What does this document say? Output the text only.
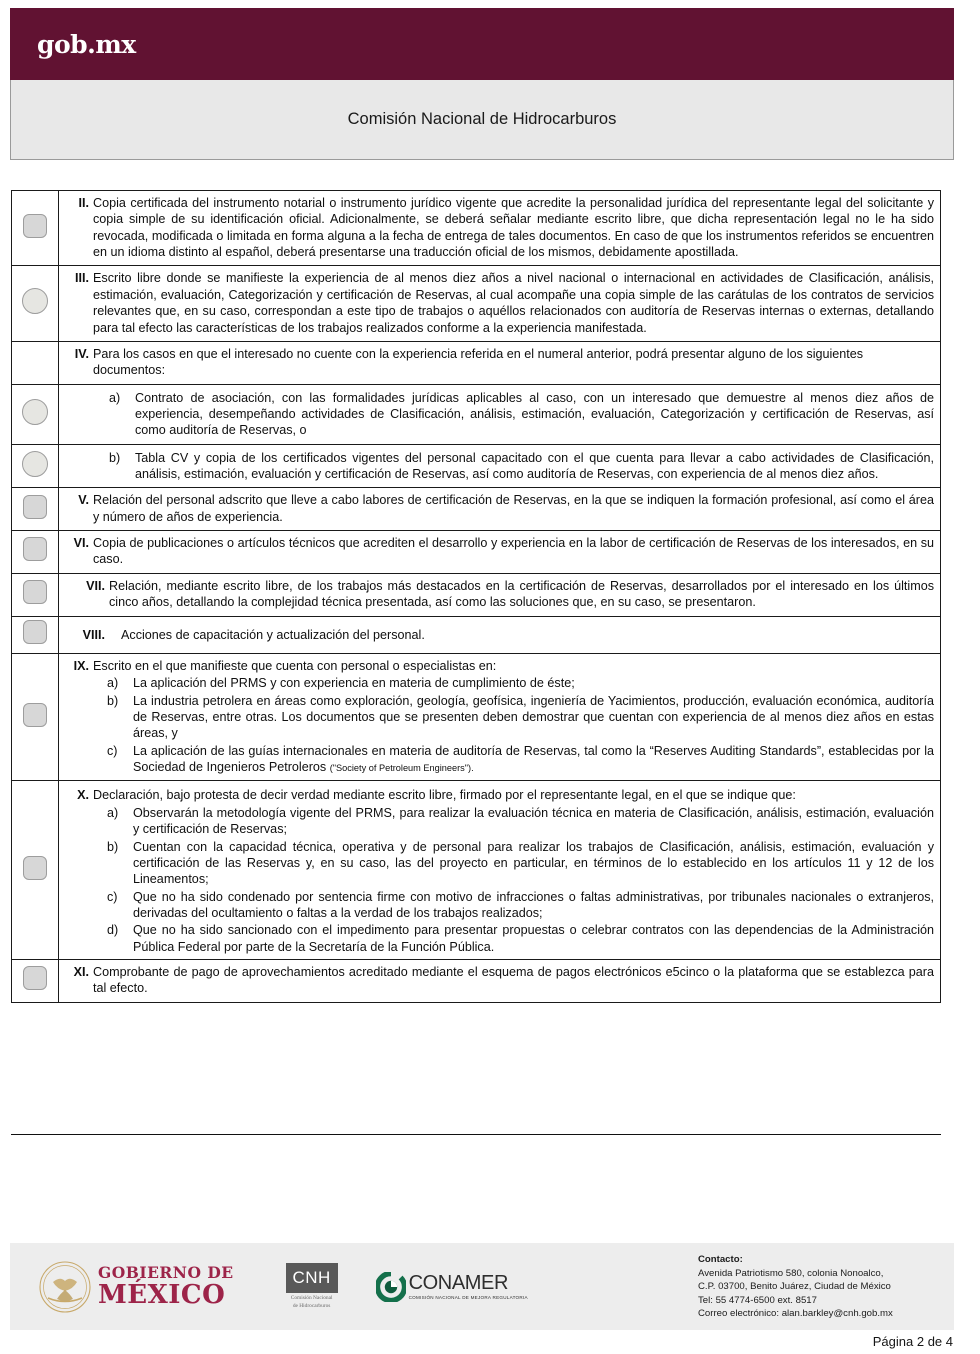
gob.mx
Comisión Nacional de Hidrocarburos

	II. Copia certificada del instrumento notarial o instrumento jurídico vigente que acredite la personalidad jurídica del representante legal del solicitante y copia simple de su identificación oficial. Adicionalmente, se deberá señalar mediante escrito libre, que dicha representación legal no le ha sido revocada, modificada o limitada en forma alguna a la fecha de entrega de tales documentos. En caso de que los instrumentos referidos se encuentren en un idioma distinto al español, deberá presentarse una traducción oficial de los mismos, debidamente apostillada.

	III. Escrito libre donde se manifieste la experiencia de al menos diez años a nivel nacional o internacional en actividades de Clasificación, análisis, estimación, evaluación, Categorización y certificación de Reservas, al cual acompañe una copia simple de las carátulas de los contratos de servicios relevantes que, en su caso, correspondan a este tipo de trabajos o aquéllos relacionados con auditoría de Reservas internas o externas, detallando para tal efecto las características de los trabajos realizados conforme a la experiencia manifestada.

	IV. Para los casos en que el interesado no cuente con la experiencia referida en el numeral anterior, podrá presentar alguno de los siguientes documentos:

	a) Contrato de asociación, con las formalidades jurídicas aplicables al caso, con un interesado que demuestre al menos diez años de experiencia, desempeñando actividades de Clasificación, análisis, estimación, evaluación, Categorización y certificación de Reservas, así como auditoría de Reservas, o

	b) Tabla CV y copia de los certificados vigentes del personal capacitado con el que cuenta para llevar a cabo actividades de Clasificación, análisis, estimación, evaluación y certificación de Reservas, así como auditoría de Reservas, con experiencia de al menos diez años.

	V. Relación del personal adscrito que lleve a cabo labores de certificación de Reservas, en la que se indiquen la formación profesional, así como el área y número de años de experiencia.

	VI. Copia de publicaciones o artículos técnicos que acrediten el desarrollo y experiencia en la labor de certificación de Reservas de los interesados, en su caso.

	VII. Relación, mediante escrito libre, de los trabajos más destacados en la certificación de Reservas, desarrollados por el interesado en los últimos cinco años, detallando la complejidad técnica presentada, así como las soluciones que, en su caso, se presentaron.

	VIII. Acciones de capacitación y actualización del personal.

IX. Escrito en el que manifieste que cuenta con personal o especialistas en:
a)	La aplicación del PRMS y con experiencia en materia de cumplimiento de éste;
b)	La industria petrolera en áreas como exploración, geología, geofísica, ingeniería de Yacimientos, producción, evaluación económica, auditoría de Reservas, entre otras. Los documentos que se presenten deben demostrar que cuentan con experiencia de al menos diez años en estas áreas, y
c)	La aplicación de las guías internacionales en materia de auditoría de Reservas, tal como la “Reserves Auditing Standards”, establecidas por la Sociedad de Ingenieros Petroleros ("Society of Petroleum Engineers").

X. Declaración, bajo protesta de decir verdad mediante escrito libre, firmado por el representante legal, en el que se indique que:
a)	Observarán la metodología vigente del PRMS, para realizar la evaluación técnica en materia de Clasificación, análisis, estimación, evaluación y certificación de Reservas;
b)	Cuentan con la capacidad técnica, operativa y de personal para realizar los trabajos de Clasificación, análisis, estimación, evaluación y certificación de las Reservas y, en su caso, las del proyecto en particular, en términos de lo establecido en los artículos 11 y 12 de los Lineamentos;
c)	Que no ha sido condenado por sentencia firme con motivo de infracciones o faltas administrativas, por tribunales nacionales o extranjeros, derivadas del ocultamiento o faltas a la verdad de los trabajos realizados;
d)	Que no ha sido sancionado con el impedimento para presentar propuestas o celebrar contratos con las dependencias de la Administración Pública Federal por parte de la Secretaría de la Función Pública.

	XI. Comprobante de pago de aprovechamientos acreditado mediante el esquema de pagos electrónicos e5cinco o la plataforma que se establezca para tal efecto.
GOBIERNO DE
MÉXICO
CNH
Comisión Nacional
de Hidrocarburos
CONAMER
COMISIÓN NACIONAL DE MEJORA REGULATORIA
Contacto:
Avenida Patriotismo 580, colonia Nonoalco,
C.P. 03700, Benito Juárez, Ciudad de México
Tel: 55 4774-6500 ext. 8517
Correo electrónico: alan.barkley@cnh.gob.mx
Página 2 de 4
